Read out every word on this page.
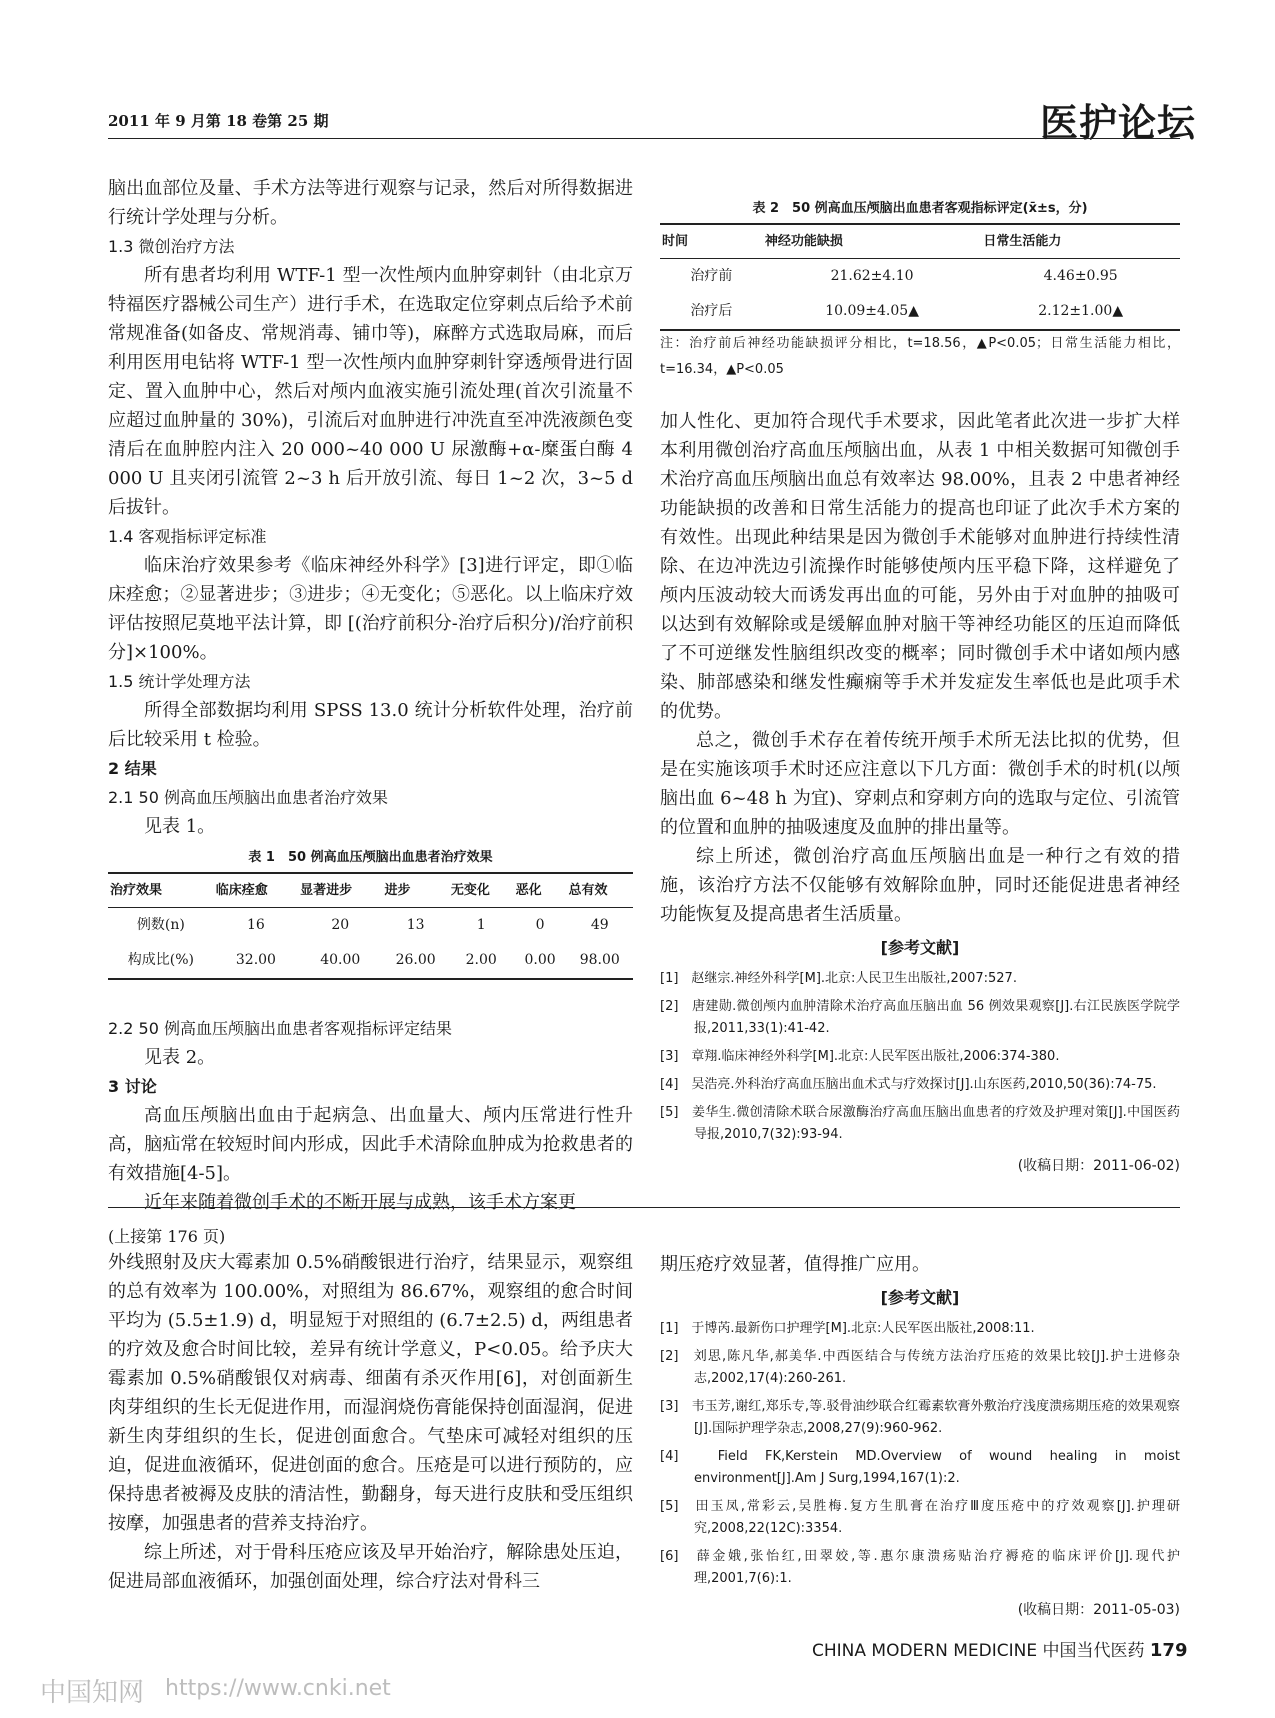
2011 年 9 月第 18 卷第 25 期	医护论坛

脑出血部位及量、手术方法等进行观察与记录，然后对所得数据进行统计学处理与分析。

1.3 微创治疗方法

所有患者均利用 WTF-1 型一次性颅内血肿穿刺针（由北京万特福医疗器械公司生产）进行手术，在选取定位穿刺点后给予术前常规准备(如备皮、常规消毒、铺巾等)，麻醉方式选取局麻，而后利用医用电钻将 WTF-1 型一次性颅内血肿穿刺针穿透颅骨进行固定、置入血肿中心，然后对颅内血液实施引流处理(首次引流量不应超过血肿量的 30%)，引流后对血肿进行冲洗直至冲洗液颜色变清后在血肿腔内注入 20 000~40 000 U 尿激酶+α-糜蛋白酶 4 000 U 且夹闭引流管 2~3 h 后开放引流、每日 1~2 次，3~5 d 后拔针。

1.4 客观指标评定标准

临床治疗效果参考《临床神经外科学》[3]进行评定，即①临床痊愈；②显著进步；③进步；④无变化；⑤恶化。以上临床疗效评估按照尼莫地平法计算，即 [(治疗前积分-治疗后积分)/治疗前积分]×100%。

1.5 统计学处理方法

所得全部数据均利用 SPSS 13.0 统计分析软件处理，治疗前后比较采用 t 检验。

2 结果

2.1 50 例高血压颅脑出血患者治疗效果

见表 1。

表 1　50 例高血压颅脑出血患者治疗效果
治疗效果	临床痊愈	显著进步	进步	无变化	恶化	总有效
例数(n)	16	20	13	1	0	49
构成比(%)	32.00	40.00	26.00	2.00	0.00	98.00

2.2 50 例高血压颅脑出血患者客观指标评定结果

见表 2。

3 讨论

高血压颅脑出血由于起病急、出血量大、颅内压常进行性升高，脑疝常在较短时间内形成，因此手术清除血肿成为抢救患者的有效措施[4-5]。

近年来随着微创手术的不断开展与成熟，该手术方案更

表 2　50 例高血压颅脑出血患者客观指标评定(x̄±s，分)
时间	神经功能缺损	日常生活能力
治疗前	21.62±4.10	4.46±0.95
治疗后	10.09±4.05▲	2.12±1.00▲
注：治疗前后神经功能缺损评分相比，t=18.56，▲P<0.05；日常生活能力相比，t=16.34，▲P<0.05

加人性化、更加符合现代手术要求，因此笔者此次进一步扩大样本利用微创治疗高血压颅脑出血，从表 1 中相关数据可知微创手术治疗高血压颅脑出血总有效率达 98.00%，且表 2 中患者神经功能缺损的改善和日常生活能力的提高也印证了此次手术方案的有效性。出现此种结果是因为微创手术能够对血肿进行持续性清除、在边冲洗边引流操作时能够使颅内压平稳下降，这样避免了颅内压波动较大而诱发再出血的可能，另外由于对血肿的抽吸可以达到有效解除或是缓解血肿对脑干等神经功能区的压迫而降低了不可逆继发性脑组织改变的概率；同时微创手术中诸如颅内感染、肺部感染和继发性癫痫等手术并发症发生率低也是此项手术的优势。

总之，微创手术存在着传统开颅手术所无法比拟的优势，但是在实施该项手术时还应注意以下几方面：微创手术的时机(以颅脑出血 6~48 h 为宜)、穿刺点和穿刺方向的选取与定位、引流管的位置和血肿的抽吸速度及血肿的排出量等。

综上所述，微创治疗高血压颅脑出血是一种行之有效的措施，该治疗方法不仅能够有效解除血肿，同时还能促进患者神经功能恢复及提高患者生活质量。

[参考文献]
[1]　赵继宗.神经外科学[M].北京:人民卫生出版社,2007:527.
[2]　唐建勋.微创颅内血肿清除术治疗高血压脑出血 56 例效果观察[J].右江民族医学院学报,2011,33(1):41-42.
[3]　章翔.临床神经外科学[M].北京:人民军医出版社,2006:374-380.
[4]　吴浩亮.外科治疗高血压脑出血术式与疗效探讨[J].山东医药,2010,50(36):74-75.
[5]　姜华生.微创清除术联合尿激酶治疗高血压脑出血患者的疗效及护理对策[J].中国医药导报,2010,7(32):93-94.
(收稿日期：2011-06-02)

(上接第 176 页)

外线照射及庆大霉素加 0.5%硝酸银进行治疗，结果显示，观察组的总有效率为 100.00%，对照组为 86.67%，观察组的愈合时间平均为 (5.5±1.9) d，明显短于对照组的 (6.7±2.5) d，两组患者的疗效及愈合时间比较，差异有统计学意义，P<0.05。给予庆大霉素加 0.5%硝酸银仅对病毒、细菌有杀灭作用[6]，对创面新生肉芽组织的生长无促进作用，而湿润烧伤膏能保持创面湿润，促进新生肉芽组织的生长，促进创面愈合。气垫床可减轻对组织的压迫，促进血液循环，促进创面的愈合。压疮是可以进行预防的，应保持患者被褥及皮肤的清洁性，勤翻身，每天进行皮肤和受压组织按摩，加强患者的营养支持治疗。

综上所述，对于骨科压疮应该及早开始治疗，解除患处压迫，促进局部血液循环，加强创面处理，综合疗法对骨科三

期压疮疗效显著，值得推广应用。

[参考文献]
[1]　于博芮.最新伤口护理学[M].北京:人民军医出版社,2008:11.
[2]　刘思,陈凡华,郝美华.中西医结合与传统方法治疗压疮的效果比较[J].护士进修杂志,2002,17(4):260-261.
[3]　韦玉芳,谢红,郑乐专,等.驳骨油纱联合红霉素软膏外敷治疗浅度溃疡期压疮的效果观察[J].国际护理学杂志,2008,27(9):960-962.
[4]　Field FK,Kerstein MD.Overview of wound healing in moist environment[J].Am J Surg,1994,167(1):2.
[5]　田玉凤,常彩云,吴胜梅.复方生肌膏在治疗Ⅲ度压疮中的疗效观察[J].护理研究,2008,22(12C):3354.
[6]　薛金娥,张怡红,田翠姣,等.惠尔康溃疡贴治疗褥疮的临床评价[J].现代护理,2001,7(6):1.
(收稿日期：2011-05-03)
CHINA MODERN MEDICINE 中国当代医药 179
中国知网 https://www.cnki.net
